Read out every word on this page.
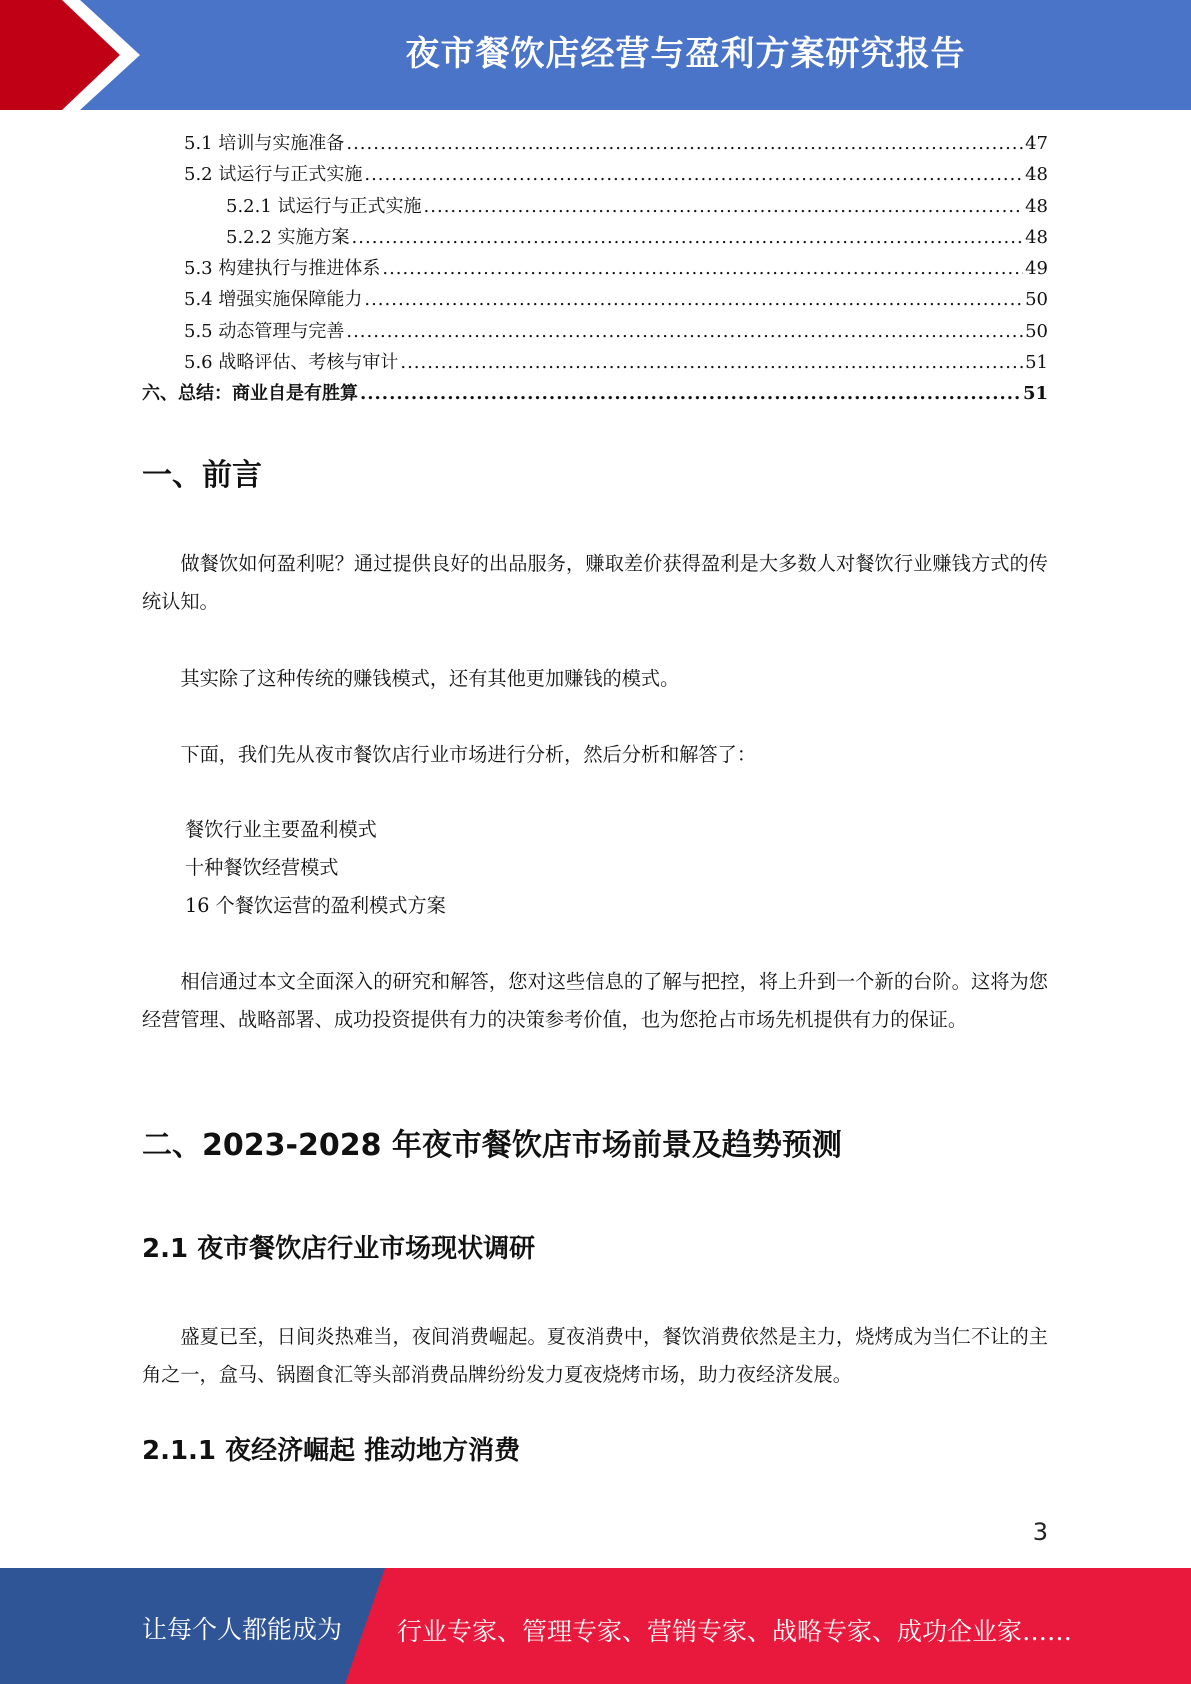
夜市餐饮店经营与盈利方案研究报告
5.1 培训与实施准备 .....	47
5.2 试运行与正式实施 .....	48
5.2.1 试运行与正式实施 .....	48
5.2.2 实施方案 .....	48
5.3 构建执行与推进体系 .....	49
5.4 增强实施保障能力 .....	50
5.5 动态管理与完善 .....	50
5.6 战略评估、考核与审计 .....	51
六、总结：商业自是有胜算 .....	51
一、前言
做餐饮如何盈利呢？通过提供良好的出品服务，赚取差价获得盈利是大多数人对餐饮行业赚钱方式的传统认知。
其实除了这种传统的赚钱模式，还有其他更加赚钱的模式。
下面，我们先从夜市餐饮店行业市场进行分析，然后分析和解答了：
餐饮行业主要盈利模式
十种餐饮经营模式
16 个餐饮运营的盈利模式方案
相信通过本文全面深入的研究和解答，您对这些信息的了解与把控，将上升到一个新的台阶。这将为您经营管理、战略部署、成功投资提供有力的决策参考价值，也为您抢占市场先机提供有力的保证。
二、2023-2028 年夜市餐饮店市场前景及趋势预测
2.1 夜市餐饮店行业市场现状调研
盛夏已至，日间炎热难当，夜间消费崛起。夏夜消费中，餐饮消费依然是主力，烧烤成为当仁不让的主角之一，盒马、锅圈食汇等头部消费品牌纷纷发力夏夜烧烤市场，助力夜经济发展。
2.1.1 夜经济崛起 推动地方消费
3
让每个人都能成为 行业专家、管理专家、营销专家、战略专家、成功企业家……
